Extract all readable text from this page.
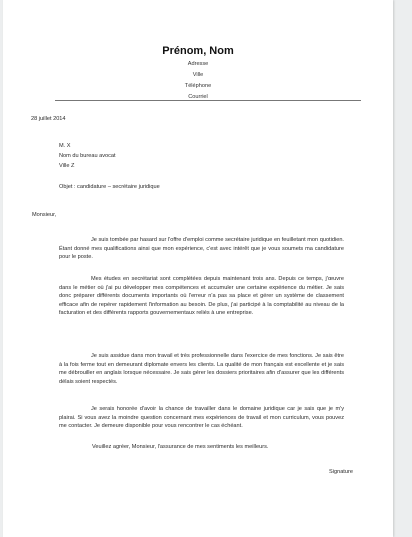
Prénom, Nom
Adresse
Ville
Téléphone
Courriel
28 juillet 2014
M. X
Nom du bureau avocat
Ville Z
Objet : candidature – secrétaire juridique
Monsieur,
Je suis tombée par hasard sur l'offre d'emploi comme secrétaire juridique en feuilletant mon quotidien. Étant donné mes qualifications ainsi que mon expérience, c'est avec intérêt que je vous soumets ma candidature pour le poste.
Mes études en secrétariat sont complétées depuis maintenant trois ans. Depuis ce temps, j'œuvre dans le métier où j'ai pu développer mes compétences et accumuler une certaine expérience du métier. Je sais donc préparer différents documents importants où l'erreur n'a pas sa place et gérer un système de classement efficace afin de repérer rapidement l'information au besoin. De plus, j'ai participé à la comptabilité au niveau de la facturation et des différents rapports gouvernementaux reliés à une entreprise.
Je suis assidue dans mon travail et très professionnelle dans l'exercice de mes fonctions. Je sais être à la fois ferme tout en demeurant diplomate envers les clients. La qualité de mon français est excellente et je sais me débrouiller en anglais lorsque nécessaire. Je sais gérer les dossiers prioritaires afin d'assurer que les différents délais soient respectés.
Je serais honorée d'avoir la chance de travailler dans le domaine juridique car je sais que je m'y plairai. Si vous avez la moindre question concernant mes expériences de travail et mon curriculum, vous pouvez me contacter. Je demeure disponible pour vous rencontrer le cas échéant.
Veuillez agréer, Monsieur, l'assurance de mes sentiments les meilleurs.
Signature
